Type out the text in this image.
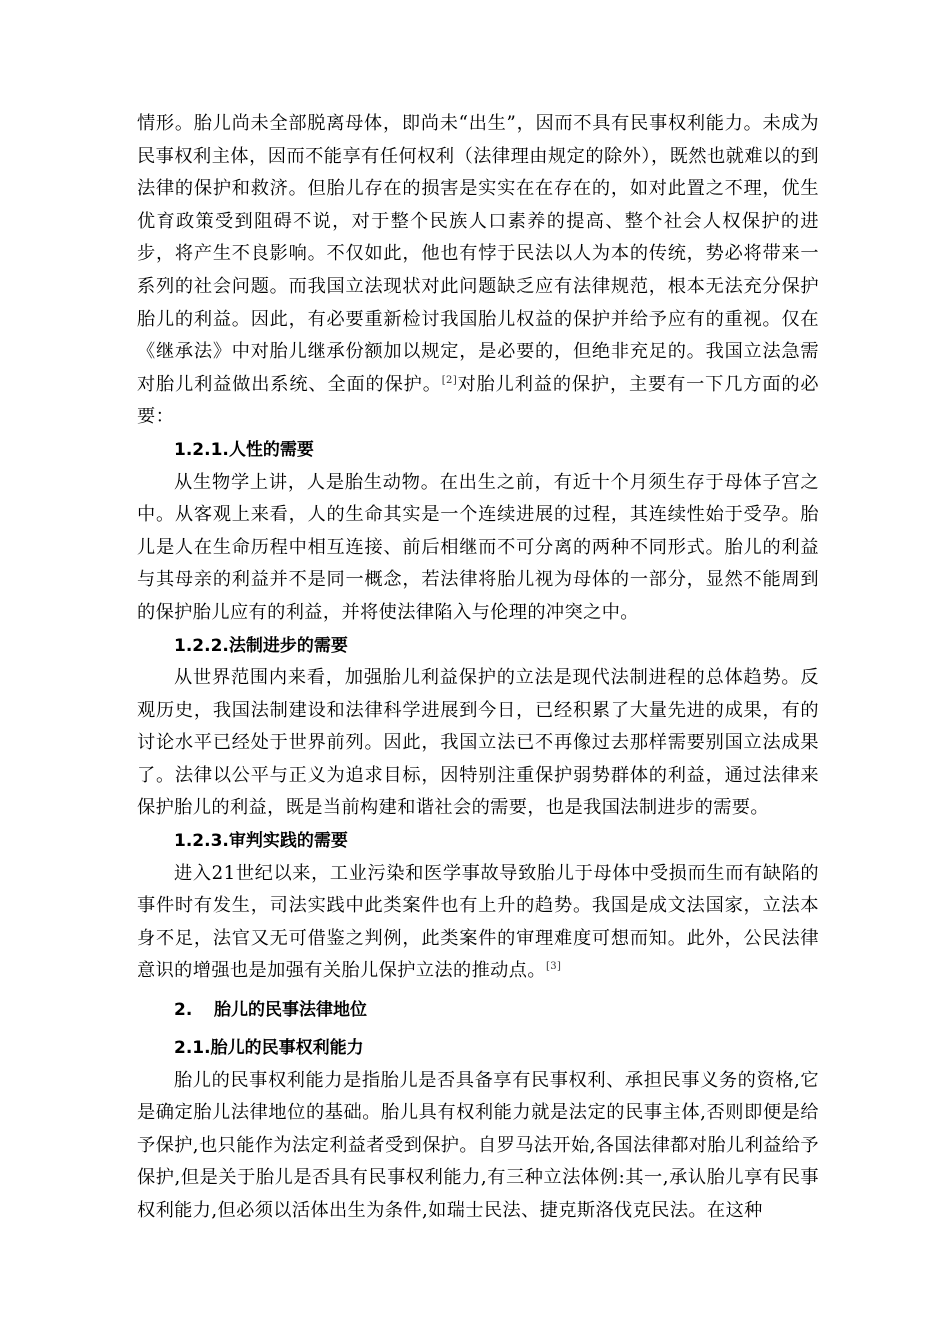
情形。胎儿尚未全部脱离母体，即尚未“出生”，因而不具有民事权利能力。未成为民事权利主体，因而不能享有任何权利（法律理由规定的除外），既然也就难以的到法律的保护和救济。但胎儿存在的损害是实实在在存在的，如对此置之不理，优生优育政策受到阻碍不说，对于整个民族人口素养的提高、整个社会人权保护的进步，将产生不良影响。不仅如此，他也有悖于民法以人为本的传统，势必将带来一系列的社会问题。而我国立法现状对此问题缺乏应有法律规范，根本无法充分保护胎儿的利益。因此，有必要重新检讨我国胎儿权益的保护并给予应有的重视。仅在《继承法》中对胎儿继承份额加以规定，是必要的，但绝非充足的。我国立法急需对胎儿利益做出系统、全面的保护。[2]对胎儿利益的保护，主要有一下几方面的必要：

1.2.1.人性的需要

从生物学上讲，人是胎生动物。在出生之前，有近十个月须生存于母体子宫之中。从客观上来看，人的生命其实是一个连续进展的过程，其连续性始于受孕。胎儿是人在生命历程中相互连接、前后相继而不可分离的两种不同形式。胎儿的利益与其母亲的利益并不是同一概念，若法律将胎儿视为母体的一部分，显然不能周到的保护胎儿应有的利益，并将使法律陷入与伦理的冲突之中。

1.2.2.法制进步的需要

从世界范围内来看，加强胎儿利益保护的立法是现代法制进程的总体趋势。反观历史，我国法制建设和法律科学进展到今日，已经积累了大量先进的成果，有的讨论水平已经处于世界前列。因此，我国立法已不再像过去那样需要别国立法成果了。法律以公平与正义为追求目标，因特别注重保护弱势群体的利益，通过法律来保护胎儿的利益，既是当前构建和谐社会的需要，也是我国法制进步的需要。

1.2.3.审判实践的需要

进入21世纪以来，工业污染和医学事故导致胎儿于母体中受损而生而有缺陷的事件时有发生，司法实践中此类案件也有上升的趋势。我国是成文法国家，立法本身不足，法官又无可借鉴之判例，此类案件的审理难度可想而知。此外，公民法律意识的增强也是加强有关胎儿保护立法的推动点。[3]

2. 胎儿的民事法律地位
2.1.胎儿的民事权利能力

胎儿的民事权利能力是指胎儿是否具备享有民事权利、承担民事义务的资格,它是确定胎儿法律地位的基础。胎儿具有权利能力就是法定的民事主体,否则即便是给予保护,也只能作为法定利益者受到保护。自罗马法开始,各国法律都对胎儿利益给予保护,但是关于胎儿是否具有民事权利能力,有三种立法体例:其一,承认胎儿享有民事权利能力,但必须以活体出生为条件,如瑞士民法、捷克斯洛伐克民法。在这种
